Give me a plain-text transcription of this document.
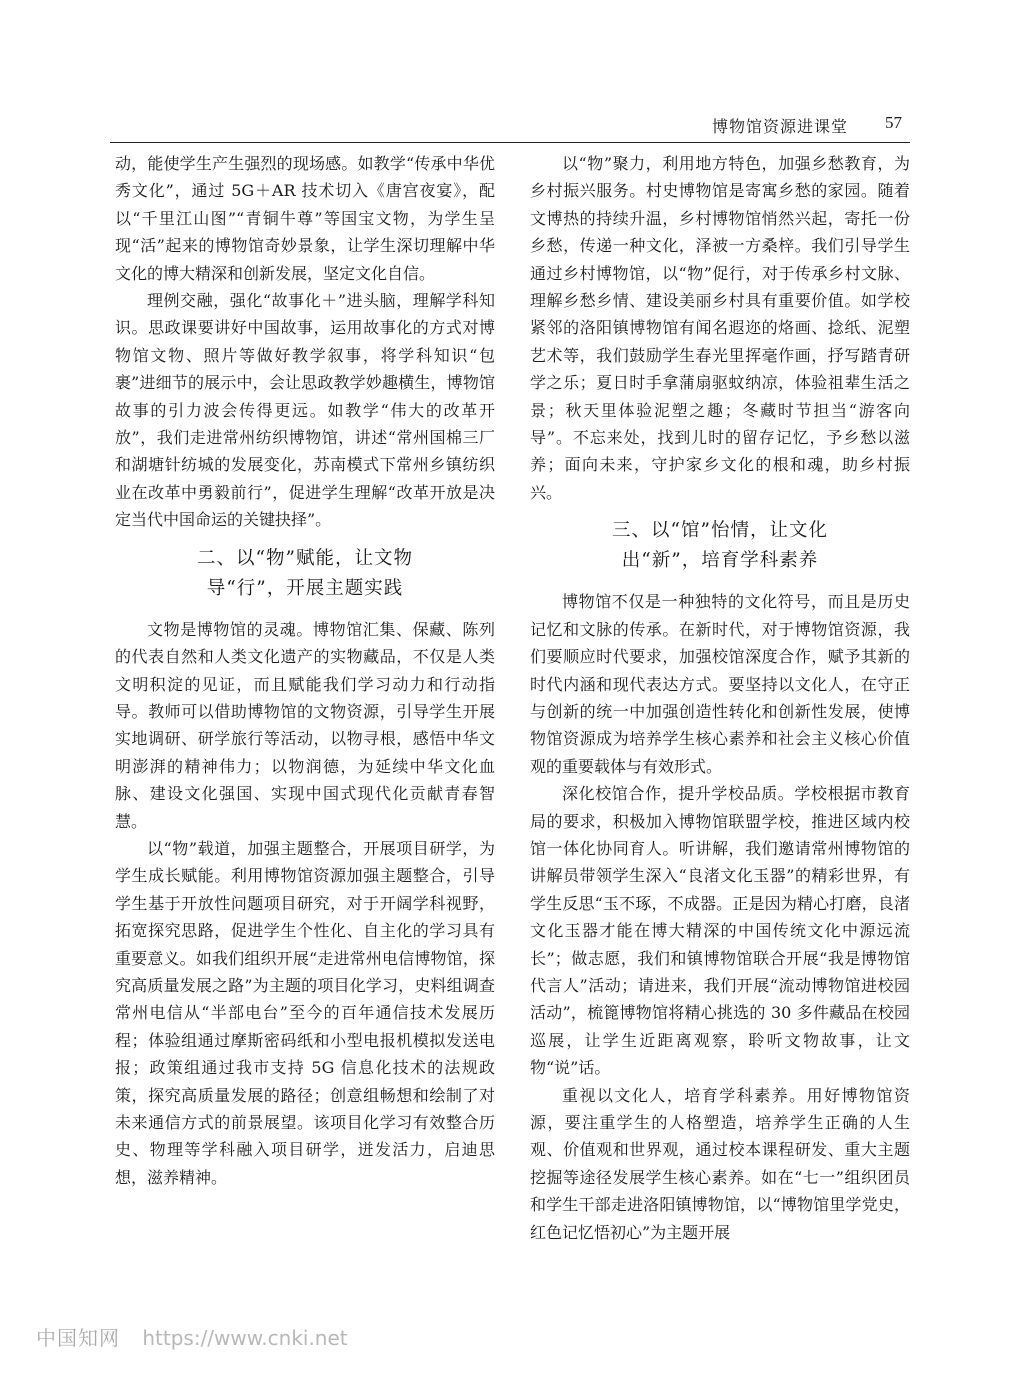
博物馆资源进课堂 57

动，能使学生产生强烈的现场感。如教学“传承中华优秀文化”，通过 5G＋AR 技术切入《唐宫夜宴》，配以“千里江山图”“青铜牛尊”等国宝文物，为学生呈现“活”起来的博物馆奇妙景象，让学生深切理解中华文化的博大精深和创新发展，坚定文化自信。

理例交融，强化“故事化＋”进头脑，理解学科知识。思政课要讲好中国故事，运用故事化的方式对博物馆文物、照片等做好教学叙事，将学科知识“包裹”进细节的展示中，会让思政教学妙趣横生，博物馆故事的引力波会传得更远。如教学“伟大的改革开放”，我们走进常州纺织博物馆，讲述“常州国棉三厂和湖塘针纺城的发展变化，苏南模式下常州乡镇纺织业在改革中勇毅前行”，促进学生理解“改革开放是决定当代中国命运的关键抉择”。

二、以“物”赋能，让文物
导“行”，开展主题实践

文物是博物馆的灵魂。博物馆汇集、保藏、陈列的代表自然和人类文化遗产的实物藏品，不仅是人类文明积淀的见证，而且赋能我们学习动力和行动指导。教师可以借助博物馆的文物资源，引导学生开展实地调研、研学旅行等活动，以物寻根，感悟中华文明澎湃的精神伟力；以物润德，为延续中华文化血脉、建设文化强国、实现中国式现代化贡献青春智慧。

以“物”载道，加强主题整合，开展项目研学，为学生成长赋能。利用博物馆资源加强主题整合，引导学生基于开放性问题项目研究，对于开阔学科视野，拓宽探究思路，促进学生个性化、自主化的学习具有重要意义。如我们组织开展“走进常州电信博物馆，探究高质量发展之路”为主题的项目化学习，史料组调查常州电信从“半部电台”至今的百年通信技术发展历程；体验组通过摩斯密码纸和小型电报机模拟发送电报；政策组通过我市支持 5G 信息化技术的法规政策，探究高质量发展的路径；创意组畅想和绘制了对未来通信方式的前景展望。该项目化学习有效整合历史、物理等学科融入项目研学，迸发活力，启迪思想，滋养精神。

以“物”聚力，利用地方特色，加强乡愁教育，为乡村振兴服务。村史博物馆是寄寓乡愁的家园。随着文博热的持续升温，乡村博物馆悄然兴起，寄托一份乡愁，传递一种文化，泽被一方桑梓。我们引导学生通过乡村博物馆，以“物”促行，对于传承乡村文脉、理解乡愁乡情、建设美丽乡村具有重要价值。如学校紧邻的洛阳镇博物馆有闻名遐迩的烙画、捻纸、泥塑艺术等，我们鼓励学生春光里挥毫作画，抒写踏青研学之乐；夏日时手拿蒲扇驱蚊纳凉，体验祖辈生活之景；秋天里体验泥塑之趣；冬藏时节担当“游客向导”。不忘来处，找到儿时的留存记忆，予乡愁以滋养；面向未来，守护家乡文化的根和魂，助乡村振兴。

三、以“馆”怡情，让文化
出“新”，培育学科素养

博物馆不仅是一种独特的文化符号，而且是历史记忆和文脉的传承。在新时代，对于博物馆资源，我们要顺应时代要求，加强校馆深度合作，赋予其新的时代内涵和现代表达方式。要坚持以文化人，在守正与创新的统一中加强创造性转化和创新性发展，使博物馆资源成为培养学生核心素养和社会主义核心价值观的重要载体与有效形式。

深化校馆合作，提升学校品质。学校根据市教育局的要求，积极加入博物馆联盟学校，推进区域内校馆一体化协同育人。听讲解，我们邀请常州博物馆的讲解员带领学生深入“良渚文化玉器”的精彩世界，有学生反思“玉不琢，不成器。正是因为精心打磨，良渚文化玉器才能在博大精深的中国传统文化中源远流长”；做志愿，我们和镇博物馆联合开展“我是博物馆代言人”活动；请进来，我们开展“流动博物馆进校园活动”，梳篦博物馆将精心挑选的 30 多件藏品在校园巡展，让学生近距离观察，聆听文物故事，让文物“说”话。

重视以文化人，培育学科素养。用好博物馆资源，要注重学生的人格塑造，培养学生正确的人生观、价值观和世界观，通过校本课程研发、重大主题挖掘等途径发展学生核心素养。如在“七一”组织团员和学生干部走进洛阳镇博物馆，以“博物馆里学党史，红色记忆悟初心”为主题开展

中国知网 https://www.cnki.net
